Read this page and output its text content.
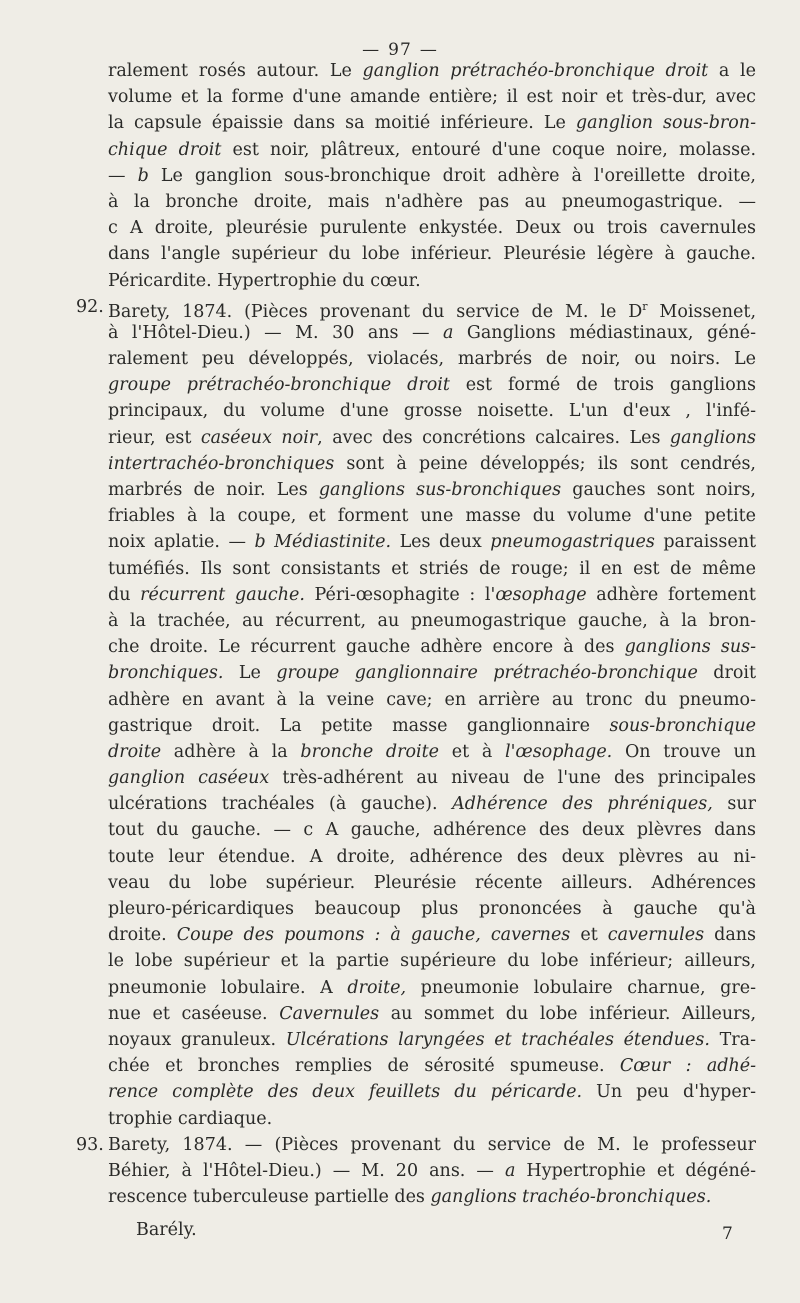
— 97 —
ralement rosés autour. Le ganglion prétrachéo-bronchique droit a le
volume et la forme d'une amande entière; il est noir et très-dur, avec
la capsule épaissie dans sa moitié inférieure. Le ganglion sous-bron-
chique droit est noir, plâtreux, entouré d'une coque noire, molasse.
— b Le ganglion sous-bronchique droit adhère à l'oreillette droite,
à la bronche droite, mais n'adhère pas au pneumogastrique. —
c A droite, pleurésie purulente enkystée. Deux ou trois cavernules
dans l'angle supérieur du lobe inférieur. Pleurésie légère à gauche.
Péricardite. Hypertrophie du cœur.
92. Barety, 1874. (Pièces provenant du service de M. le $D^r$ Moissenet,
à l'Hôtel-Dieu.) — M. 30 ans — a Ganglions médiastinaux, géné-
ralement peu développés, violacés, marbrés de noir, ou noirs. Le
groupe prétrachéo-bronchique droit est formé de trois ganglions
principaux, du volume d'une grosse noisette. L'un d'eux , l'infé-
rieur, est caséeux noir, avec des concrétions calcaires. Les ganglions
intertrachéo-bronchiques sont à peine développés; ils sont cendrés,
marbrés de noir. Les ganglions sus-bronchiques gauches sont noirs,
friables à la coupe, et forment une masse du volume d'une petite
noix aplatie. — b Médiastinite. Les deux pneumogastriques paraissent
tuméfiés. Ils sont consistants et striés de rouge; il en est de même
du récurrent gauche. Péri-œsophagite : l'œsophage adhère fortement
à la trachée, au récurrent, au pneumogastrique gauche, à la bron-
che droite. Le récurrent gauche adhère encore à des ganglions sus-
bronchiques. Le groupe ganglionnaire prétrachéo-bronchique droit
adhère en avant à la veine cave; en arrière au tronc du pneumo-
gastrique droit. La petite masse ganglionnaire sous-bronchique
droite adhère à la bronche droite et à l'œsophage. On trouve un
ganglion caséeux très-adhérent au niveau de l'une des principales
ulcérations trachéales (à gauche). Adhérence des phréniques, sur
tout du gauche. — c A gauche, adhérence des deux plèvres dans
toute leur étendue. A droite, adhérence des deux plèvres au ni-
veau du lobe supérieur. Pleurésie récente ailleurs. Adhérences
pleuro-péricardiques beaucoup plus prononcées à gauche qu'à
droite. Coupe des poumons : à gauche, cavernes et cavernules dans
le lobe supérieur et la partie supérieure du lobe inférieur; ailleurs,
pneumonie lobulaire. A droite, pneumonie lobulaire charnue, gre-
nue et caséeuse. Cavernules au sommet du lobe inférieur. Ailleurs,
noyaux granuleux. Ulcérations laryngées et trachéales étendues. Tra-
chée et bronches remplies de sérosité spumeuse. Cœur : adhé-
rence complète des deux feuillets du péricarde. Un peu d'hyper-
trophie cardiaque.
93. Barety, 1874. — (Pièces provenant du service de M. le professeur
Béhier, à l'Hôtel-Dieu.) — M. 20 ans. — a Hypertrophie et dégéné-
rescence tuberculeuse partielle des ganglions trachéo-bronchiques.
Barély.	7
